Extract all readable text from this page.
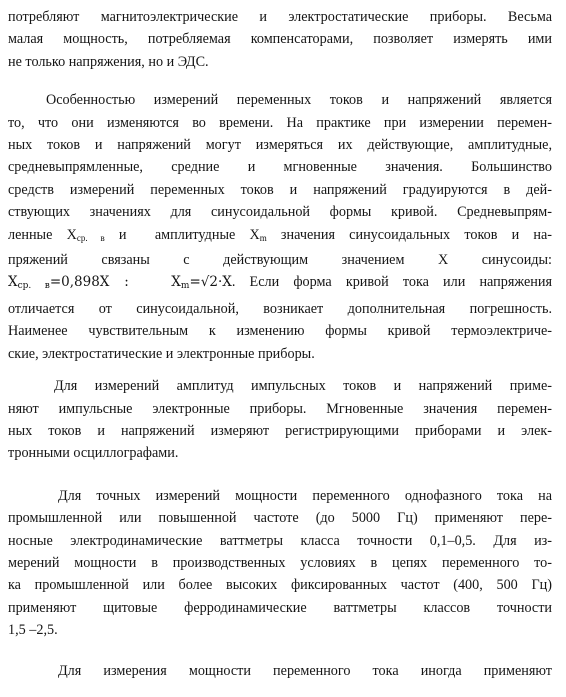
потребляют магнитоэлектрические и электростатические приборы. Весьма
малая мощность, потребляемая компенсаторами, позволяет измерять ими
не только напряжения, но и ЭДС.
Особенностью измерений переменных токов и напряжений является
то, что они изменяются во времени. На практике при измерении перемен-
ных токов и напряжений могут измеряться их действующие, амплитудные,
средневыпрямленные, средние и мгновенные значения. Большинство
средств измерений переменных токов и напряжений градуируются в дей-
ствующих значениях для синусоидальной формы кривой. Средневыпрям-
ленные $X_{ср. в}$ и  амплитудные $X_m$ значения синусоидальных токов и на-
пряжений   связаны   с   действующим   значением   X   синусоиды:
$X_{ср. в}=0,898X$ :	$X_m=√2\cdot X$. Если форма кривой тока или напряжения
отличается от синусоидальной, возникает дополнительная погрешность.
Наименее чувствительным к изменению формы кривой термоэлектриче-
ские, электростатические и электронные приборы.
Для измерений амплитуд импульсных токов и напряжений приме-
няют импульсные электронные приборы. Мгновенные значения перемен-
ных токов и напряжений измеряют регистрирующими приборами и элек-
тронными осциллографами.
Для точных измерений мощности переменного однофазного тока на
промышленной или повышенной частоте (до 5000 Гц) применяют пере-
носные электродинамические ваттметры класса точности 0,1–0,5. Для из-
мерений мощности в производственных условиях в цепях переменного то-
ка промышленной или более высоких фиксированных частот (400, 500 Гц)
применяют щитовые ферродинамические ваттметры классов точности
1,5 –2,5.
Для измерения мощности переменного тока иногда применяют
